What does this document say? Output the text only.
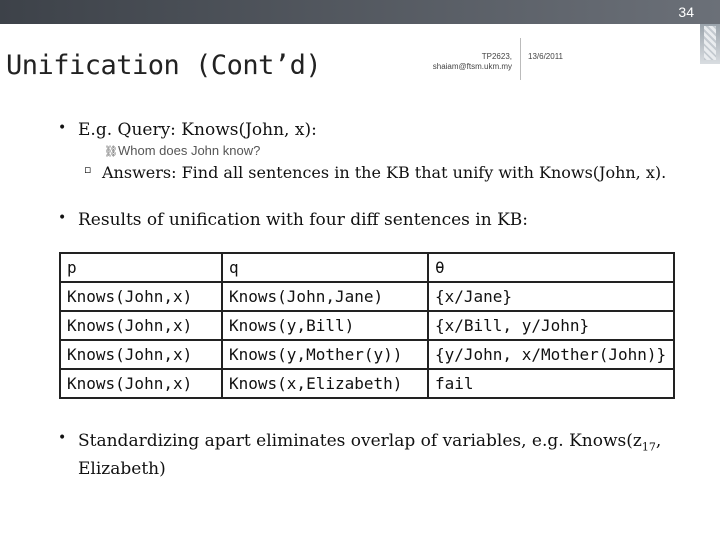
34
Unification (Cont’d)	TP2623,
shaiam@ftsm.ukm.my
13/6/2011
• E.g. Query: Knows(John, x):
⛓Whom does John know?
▫ Answers: Find all sentences in the KB that unify with Knows(John, x).
• Results of unification with four diff sentences in KB:
p	q	θ
Knows(John,x)	Knows(John,Jane)	{x/Jane}
Knows(John,x)	Knows(y,Bill)	{x/Bill, y/John}
Knows(John,x)	Knows(y,Mother(y))	{y/John, x/Mother(John)}
Knows(John,x)	Knows(x,Elizabeth)	fail
• Standardizing apart eliminates overlap of variables, e.g. $Knows(z_{17}$,
Elizabeth)
